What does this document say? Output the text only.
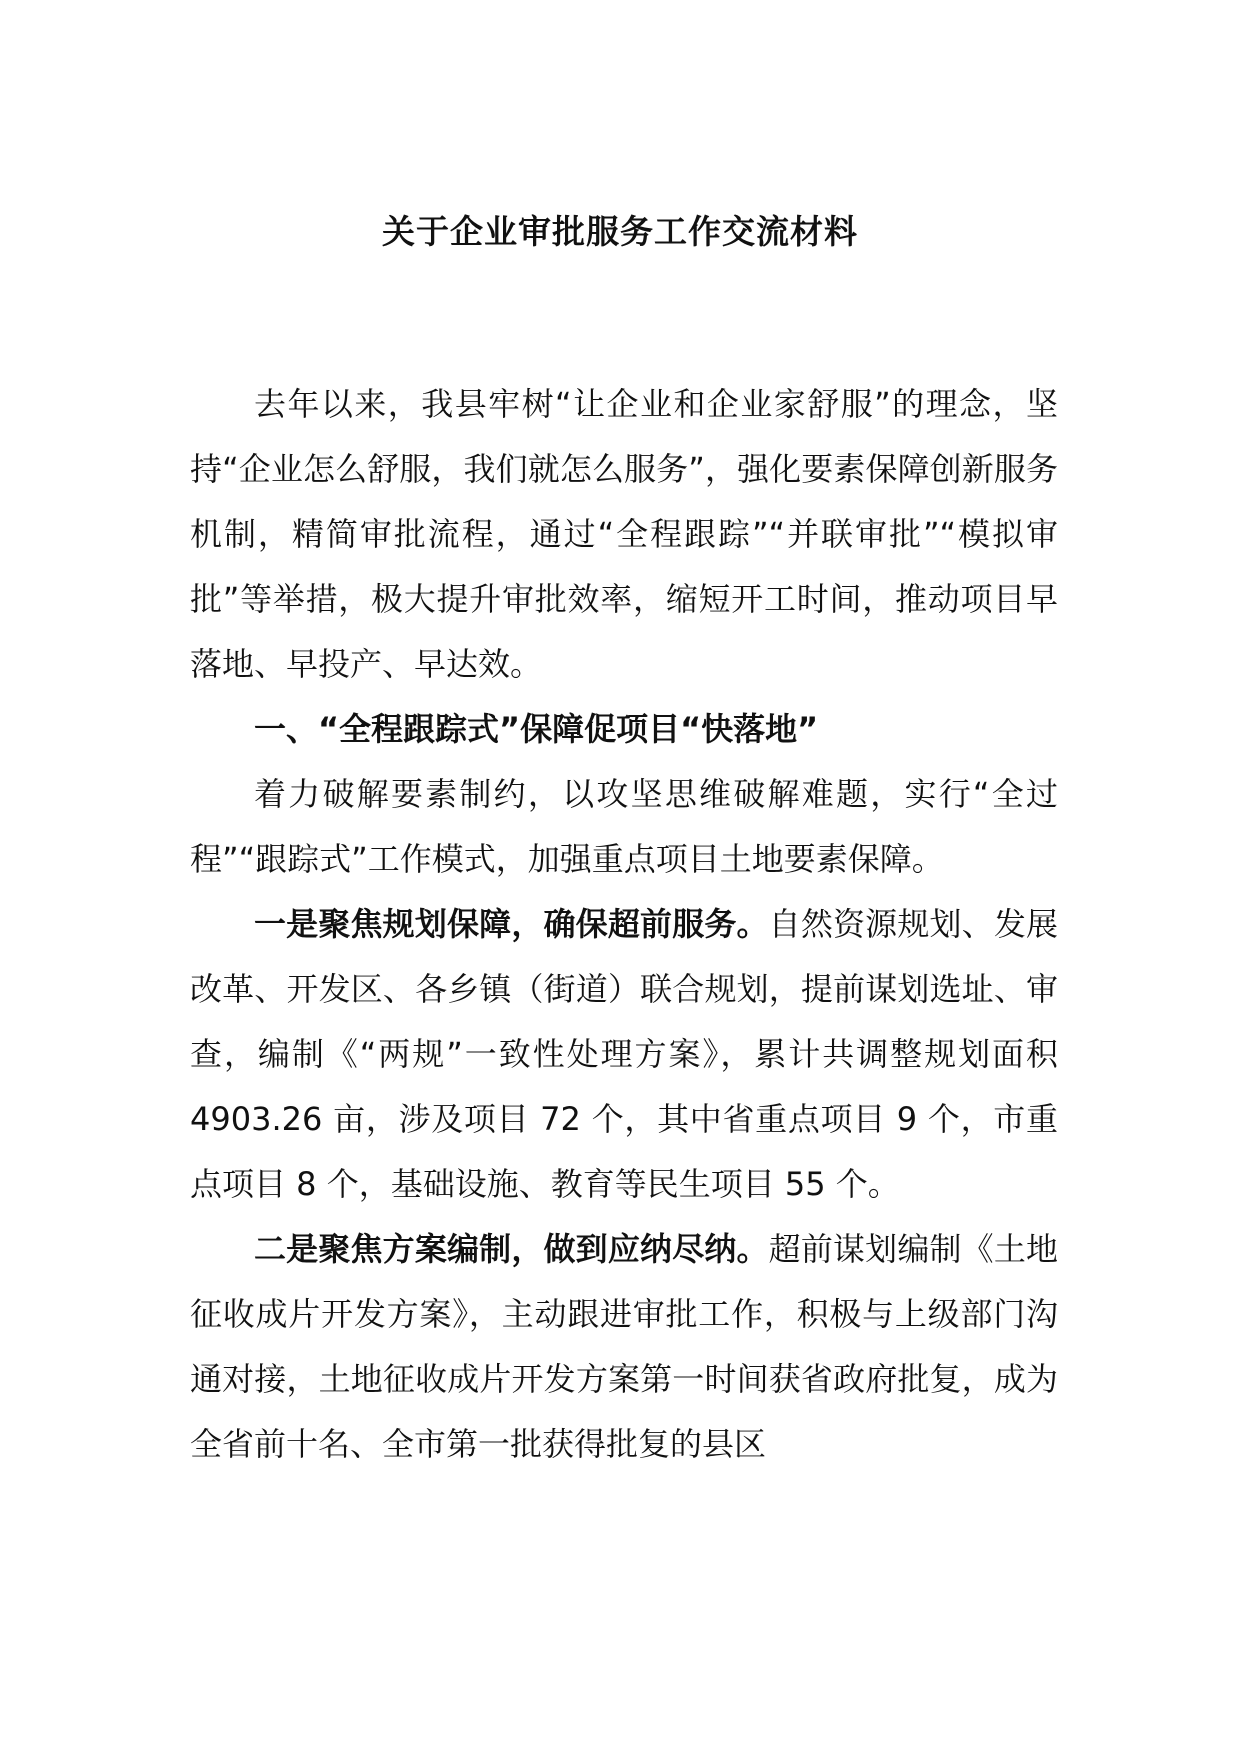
关于企业审批服务工作交流材料

去年以来，我县牢树“让企业和企业家舒服”的理念，坚持“企业怎么舒服，我们就怎么服务”，强化要素保障创新服务机制，精简审批流程，通过“全程跟踪”“并联审批”“模拟审批”等举措，极大提升审批效率，缩短开工时间，推动项目早落地、早投产、早达效。

一、“全程跟踪式”保障促项目“快落地”

着力破解要素制约，以攻坚思维破解难题，实行“全过程”“跟踪式”工作模式，加强重点项目土地要素保障。

一是聚焦规划保障，确保超前服务。自然资源规划、发展改革、开发区、各乡镇（街道）联合规划，提前谋划选址、审查，编制《“两规”一致性处理方案》，累计共调整规划面积 4903.26 亩，涉及项目 72 个，其中省重点项目 9 个，市重点项目 8 个，基础设施、教育等民生项目 55 个。

二是聚焦方案编制，做到应纳尽纳。超前谋划编制《土地征收成片开发方案》，主动跟进审批工作，积极与上级部门沟通对接，土地征收成片开发方案第一时间获省政府批复，成为全省前十名、全市第一批获得批复的县区
